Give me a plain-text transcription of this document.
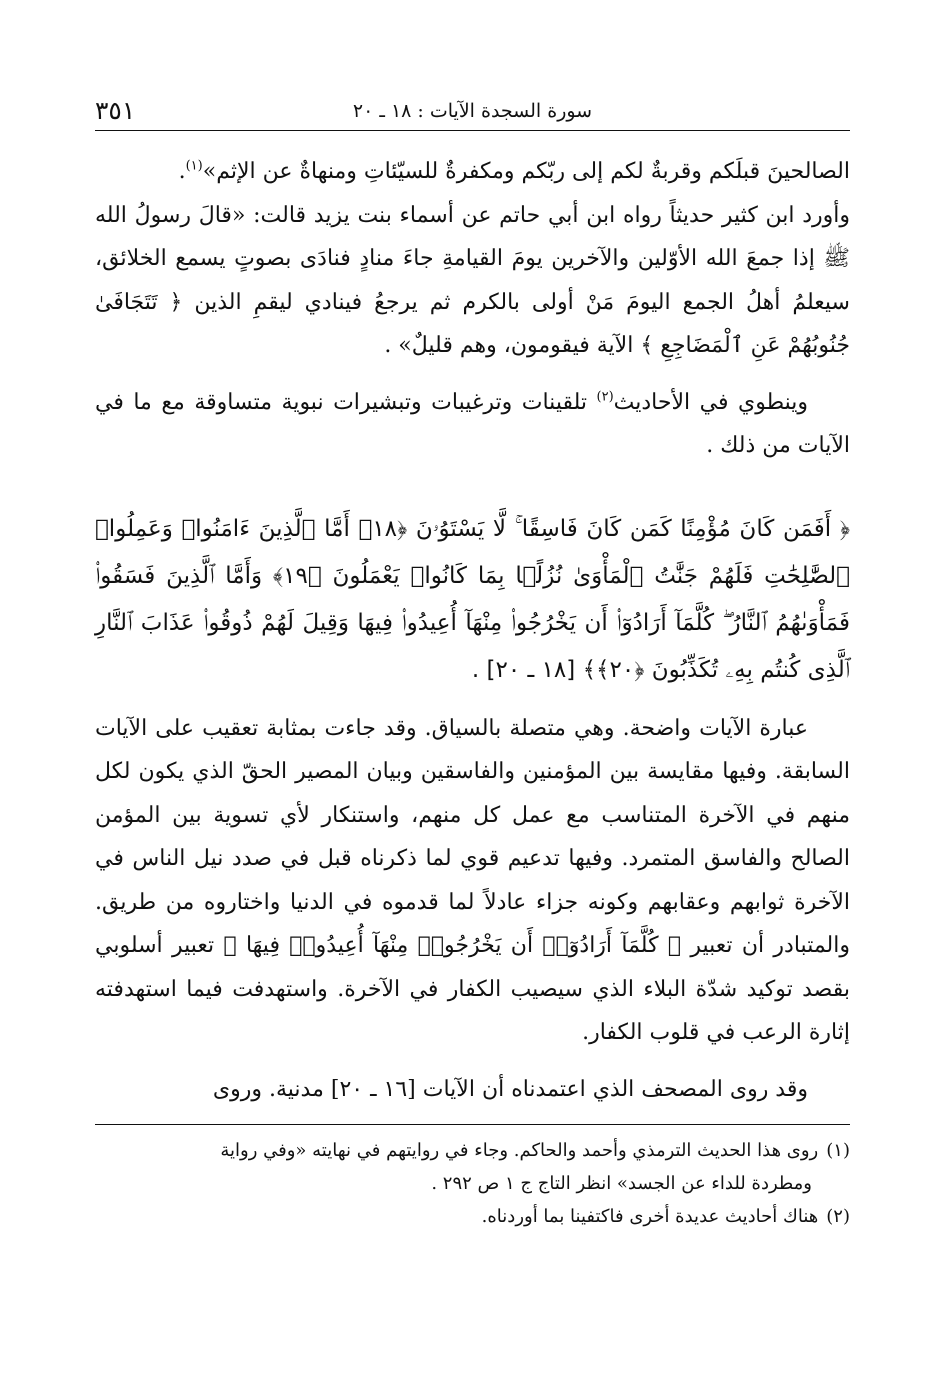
٣٥١	سورة السجدة الآيات : ١٨ ـ ٢٠

الصالحينَ قبلَكم وقربةٌ لكم إلى ربّكم ومكفرةٌ للسيّئاتِ ومنهاةٌ عن الإثم»$^{(١)}$.

وأورد ابن كثير حديثاً رواه ابن أبي حاتم عن أسماء بنت يزيد قالت: «قالَ رسولُ الله ﷺ إذا جمعَ الله الأوّلين والآخرين يومَ القيامةِ جاءَ منادٍ فنادَى بصوتٍ يسمع الخلائق، سيعلمُ أهلُ الجمع اليومَ مَنْ أولى بالكرم ثم يرجعُ فينادي ليقمِ الذين ﴿ تَتَجَافَىٰ جُنُوبُهُمْ عَنِ ٱلْمَضَاجِعِ ﴾ الآية فيقومون، وهم قليلٌ» .

وينطوي في الأحاديث$^{(٢)}$ تلقينات وترغيبات وتبشيرات نبوية متساوقة مع ما في الآيات من ذلك .

﴿ أَفَمَن كَانَ مُؤْمِنًا كَمَن كَانَ فَاسِقًا ۚ لَّا يَسْتَوُۥنَ ﴿١٨﴾ أَمَّا ٱلَّذِينَ ءَامَنُوا۟ وَعَمِلُوا۟ ٱلصَّٰلِحَٰتِ فَلَهُمْ جَنَّٰتُ ٱلْمَأْوَىٰ نُزُلًۢا بِمَا كَانُوا۟ يَعْمَلُونَ ﴿١٩﴾ وَأَمَّا ٱلَّذِينَ فَسَقُوا۟ فَمَأْوَىٰهُمُ ٱلنَّارُ ۖ كُلَّمَآ أَرَادُوٓا۟ أَن يَخْرُجُوا۟ مِنْهَآ أُعِيدُوا۟ فِيهَا وَقِيلَ لَهُمْ ذُوقُوا۟ عَذَابَ ٱلنَّارِ ٱلَّذِى كُنتُم بِهِۦ تُكَذِّبُونَ ﴿٢٠﴾﴾ [١٨ ـ ٢٠] .

عبارة الآيات واضحة. وهي متصلة بالسياق. وقد جاءت بمثابة تعقيب على الآيات السابقة. وفيها مقايسة بين المؤمنين والفاسقين وبيان المصير الحقّ الذي يكون لكل منهم في الآخرة المتناسب مع عمل كل منهم، واستنكار لأي تسوية بين المؤمن الصالح والفاسق المتمرد. وفيها تدعيم قوي لما ذكرناه قبل في صدد نيل الناس في الآخرة ثوابهم وعقابهم وكونه جزاء عادلاً لما قدموه في الدنيا واختاروه من طريق. والمتبادر أن تعبير ﴿ كُلَّمَآ أَرَادُوٓا۟ أَن يَخْرُجُوا۟ مِنْهَآ أُعِيدُوا۟ فِيهَا ﴾ تعبير أسلوبي بقصد توكيد شدّة البلاء الذي سيصيب الكفار في الآخرة. واستهدفت فيما استهدفته إثارة الرعب في قلوب الكفار.

وقد روى المصحف الذي اعتمدناه أن الآيات [١٦ ـ ٢٠] مدنية. وروى

(١)روى هذا الحديث الترمذي وأحمد والحاكم. وجاء في روايتهم في نهايته «وفي رواية

ومطردة للداء عن الجسد» انظر التاج ج ١ ص ٢٩٢ .

(٢)هناك أحاديث عديدة أخرى فاكتفينا بما أوردناه.
